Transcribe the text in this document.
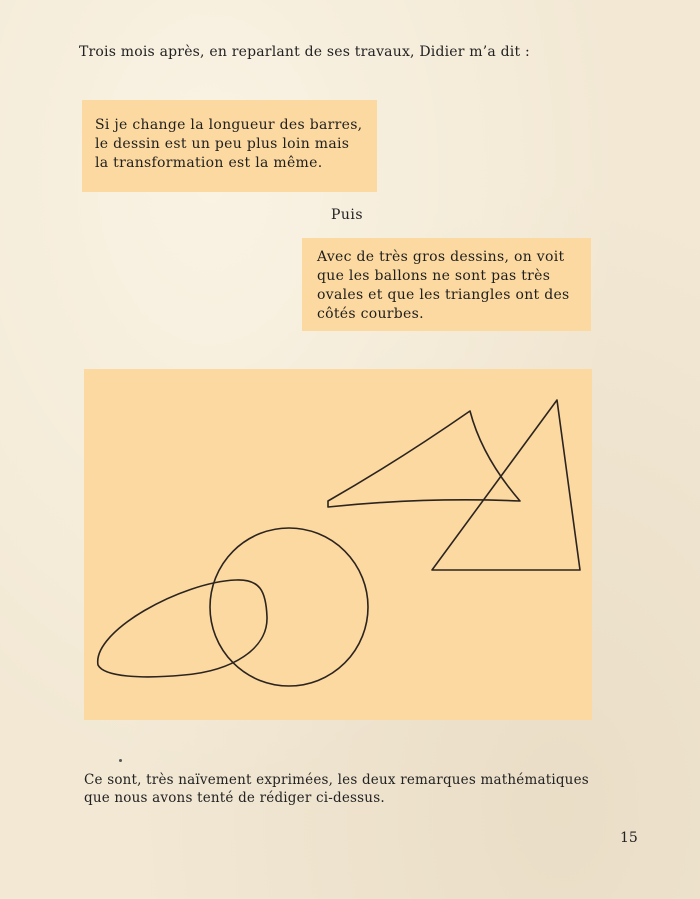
Trois mois après, en reparlant de ses travaux, Didier m’a dit :

Si je change la longueur des barres,
le dessin est un peu plus loin mais
la transformation est la même.

Puis

Avec de très gros dessins, on voit
que les ballons ne sont pas très
ovales et que les triangles ont des
côtés courbes.

Ce sont, très naïvement exprimées, les deux remarques mathématiques
que nous avons tenté de rédiger ci-dessus.

15
